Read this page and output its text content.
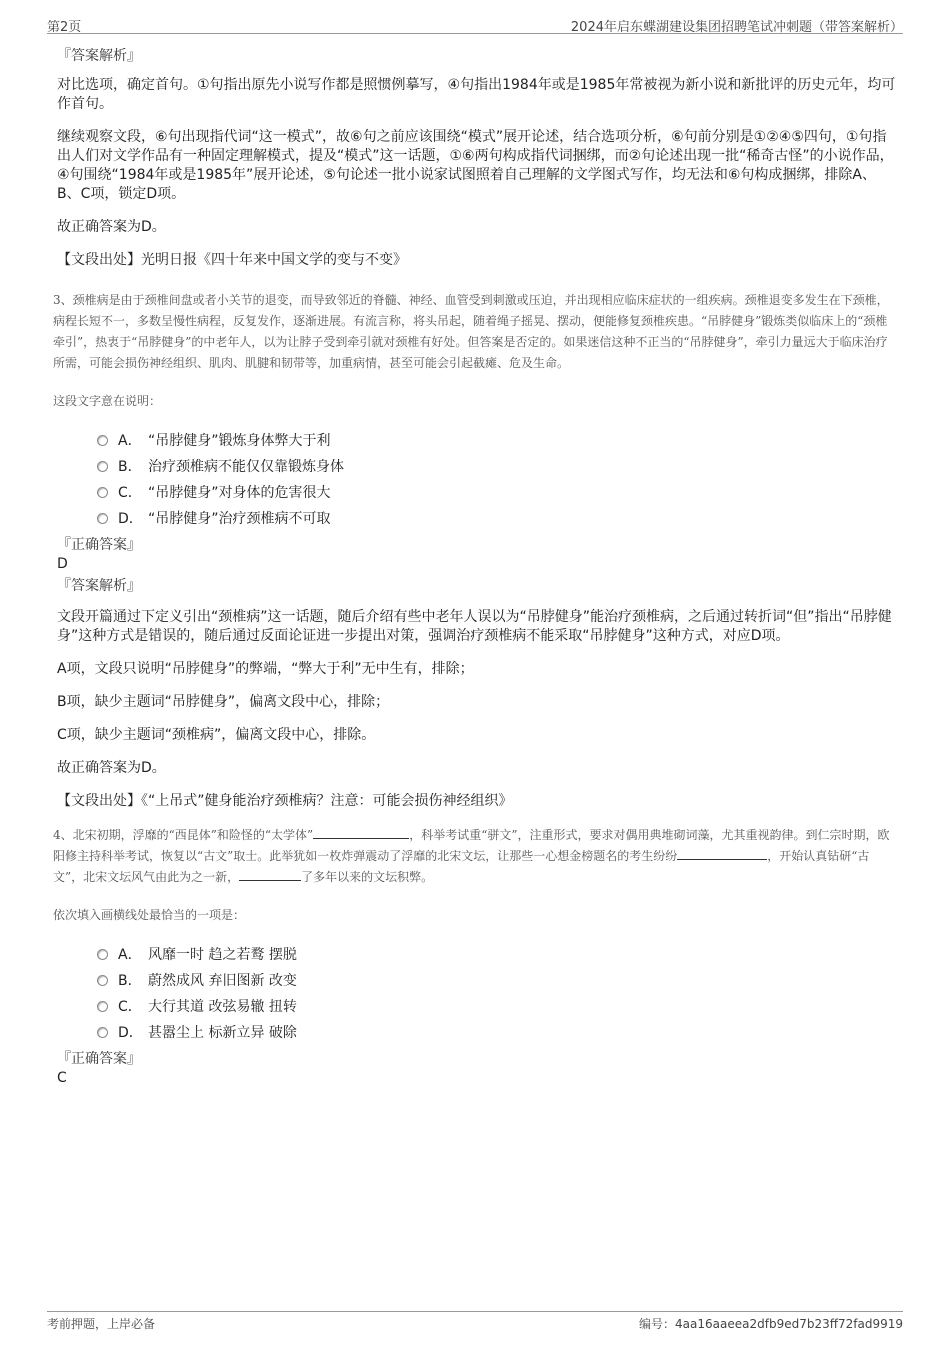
第2页	2024年启东蝶湖建设集团招聘笔试冲刺题（带答案解析）
『答案解析』
对比选项，确定首句。①句指出原先小说写作都是照惯例摹写，④句指出1984年或是1985年常被视为新小说和新批评的历史元年，均可作首句。
继续观察文段，⑥句出现指代词“这一模式”，故⑥句之前应该围绕“模式”展开论述，结合选项分析，⑥句前分别是①②④⑤四句，①句指出人们对文学作品有一种固定理解模式，提及“模式”这一话题，①⑥两句构成指代词捆绑，而②句论述出现一批“稀奇古怪”的小说作品，④句围绕“1984年或是1985年”展开论述，⑤句论述一批小说家试图照着自己理解的文学图式写作，均无法和⑥句构成捆绑，排除A、B、C项，锁定D项。
故正确答案为D。
【文段出处】光明日报《四十年来中国文学的变与不变》
3、颈椎病是由于颈椎间盘或者小关节的退变，而导致邻近的脊髓、神经、血管受到刺激或压迫，并出现相应临床症状的一组疾病。颈椎退变多发生在下颈椎，病程长短不一，多数呈慢性病程，反复发作，逐渐进展。有流言称，将头吊起，随着绳子摇晃、摆动，便能修复颈椎疾患。“吊脖健身”锻炼类似临床上的“颈椎牵引”，热衷于“吊脖健身”的中老年人，以为让脖子受到牵引就对颈椎有好处。但答案是否定的。如果迷信这种不正当的“吊脖健身”，牵引力量远大于临床治疗所需，可能会损伤神经组织、肌肉、肌腱和韧带等，加重病情，甚至可能会引起截瘫、危及生命。
这段文字意在说明：
A． “吊脖健身”锻炼身体弊大于利
B． 治疗颈椎病不能仅仅靠锻炼身体
C． “吊脖健身”对身体的危害很大
D． “吊脖健身”治疗颈椎病不可取
『正确答案』
D
『答案解析』
文段开篇通过下定义引出“颈椎病”这一话题，随后介绍有些中老年人误以为“吊脖健身”能治疗颈椎病，之后通过转折词“但”指出“吊脖健身”这种方式是错误的，随后通过反面论证进一步提出对策，强调治疗颈椎病不能采取“吊脖健身”这种方式，对应D项。
A项，文段只说明“吊脖健身”的弊端，“弊大于利”无中生有，排除；
B项，缺少主题词“吊脖健身”，偏离文段中心，排除；
C项，缺少主题词“颈椎病”，偏离文段中心，排除。
故正确答案为D。
【文段出处】《“上吊式”健身能治疗颈椎病？注意：可能会损伤神经组织》
4、北宋初期，浮靡的“西昆体”和险怪的“太学体”	，科举考试重“骈文”，注重形式，要求对偶用典堆砌词藻，尤其重视韵律。到仁宗时期，欧阳修主持科举考试，恢复以“古文”取士。此举犹如一枚炸弹震动了浮靡的北宋文坛，让那些一心想金榜题名的考生纷纷	，开始认真钻研“古文”，北宋文坛风气由此为之一新，	了多年以来的文坛积弊。
依次填入画横线处最恰当的一项是：
A． 风靡一时 趋之若鹜 摆脱
B． 蔚然成风 弃旧图新 改变
C． 大行其道 改弦易辙 扭转
D． 甚嚣尘上 标新立异 破除
『正确答案』
C
考前押题，上岸必备	编号：4aa16aaeea2dfb9ed7b23ff72fad9919
